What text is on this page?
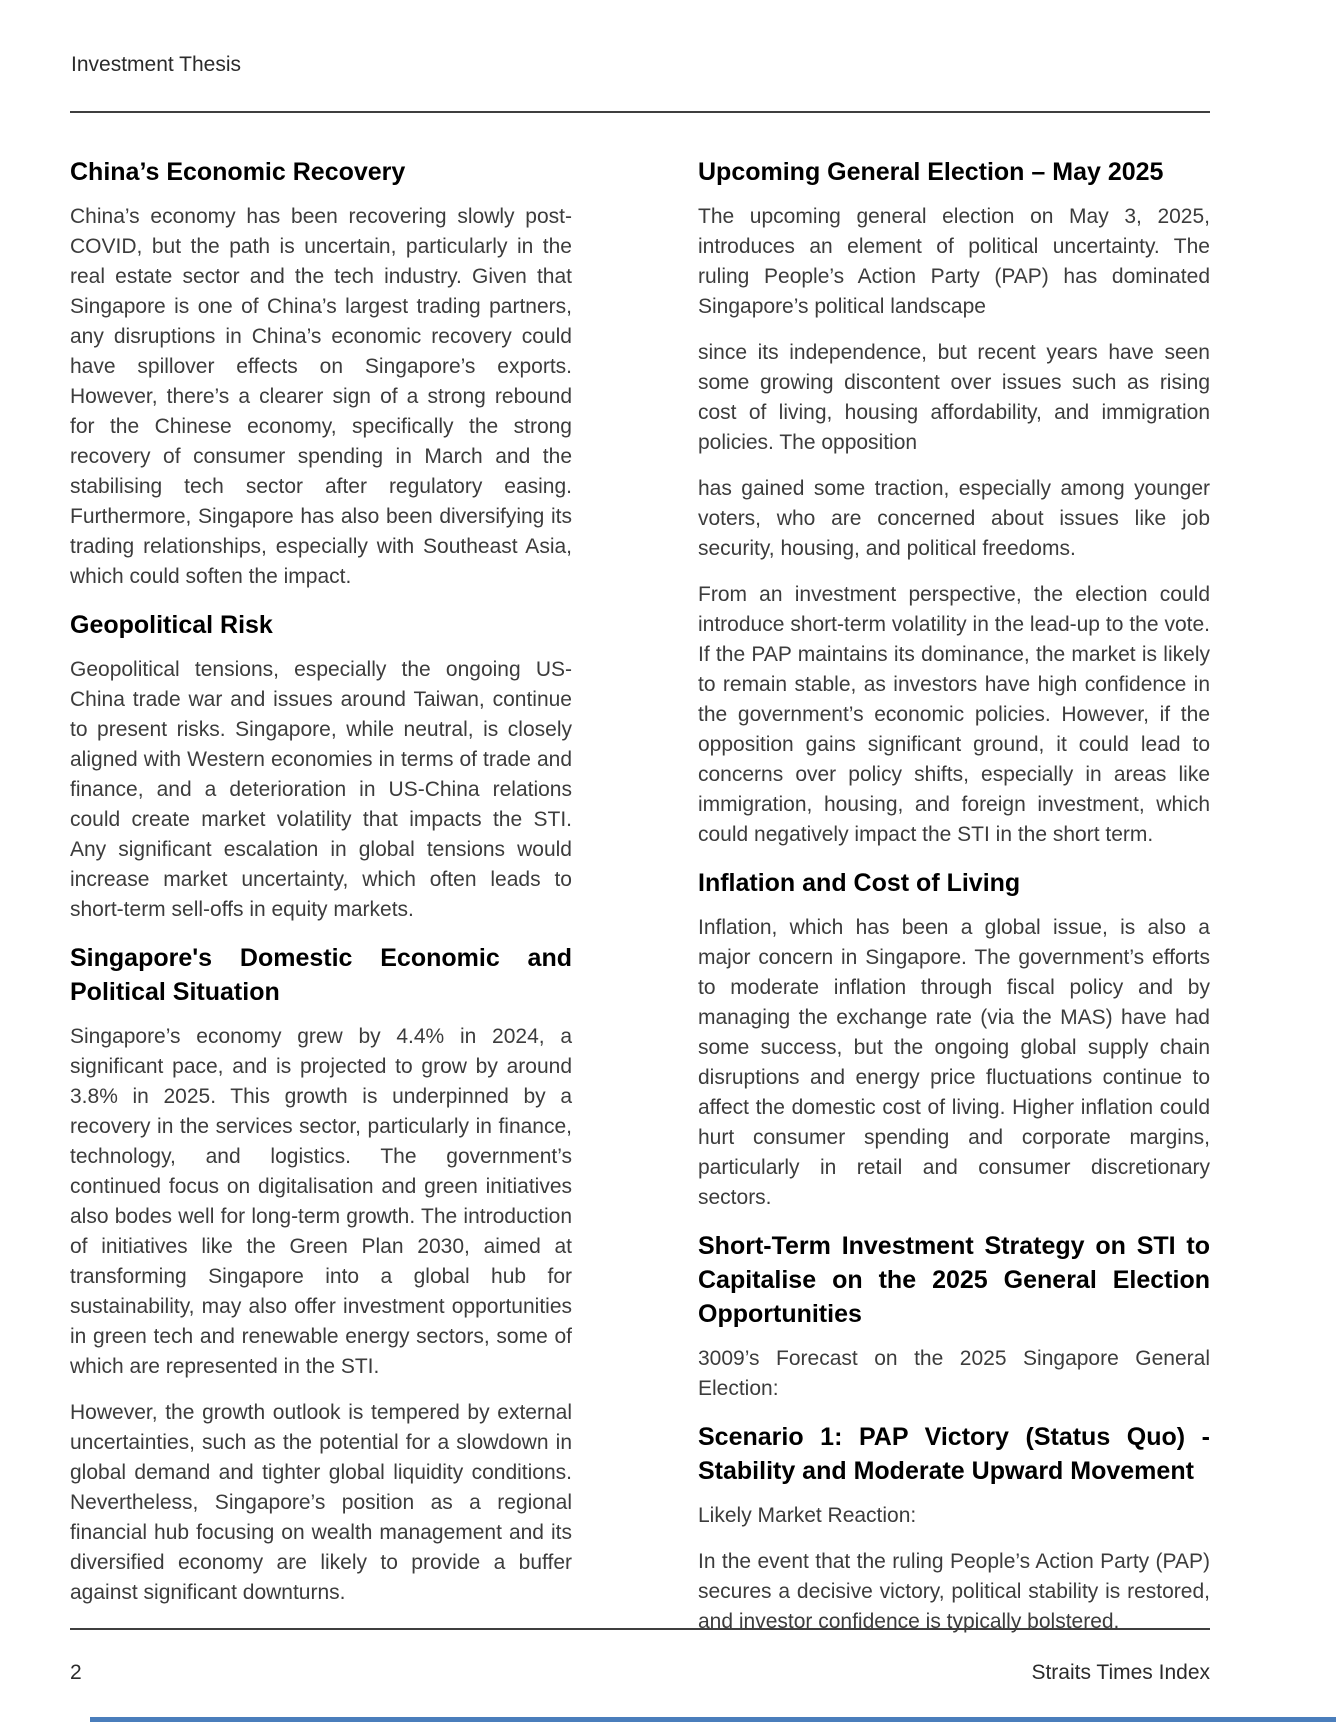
Investment Thesis
China’s Economic Recovery

China’s economy has been recovering slowly post-COVID, but the path is uncertain, particularly in the real estate sector and the tech industry. Given that Singapore is one of China’s largest trading partners, any disruptions in China’s economic recovery could have spillover effects on Singapore’s exports. However, there’s a clearer sign of a strong rebound for the Chinese economy, specifically the strong recovery of consumer spending in March and the stabilising tech sector after regulatory easing. Furthermore, Singapore has also been diversifying its trading relationships, especially with Southeast Asia, which could soften the impact.

Geopolitical Risk

Geopolitical tensions, especially the ongoing US-China trade war and issues around Taiwan, continue to present risks. Singapore, while neutral, is closely aligned with Western economies in terms of trade and finance, and a deterioration in US-China relations could create market volatility that impacts the STI. Any significant escalation in global tensions would increase market uncertainty, which often leads to short-term sell-offs in equity markets.

Singapore's Domestic Economic and Political Situation

Singapore’s economy grew by 4.4% in 2024, a significant pace, and is projected to grow by around 3.8% in 2025. This growth is underpinned by a recovery in the services sector, particularly in finance, technology, and logistics. The government’s continued focus on digitalisation and green initiatives also bodes well for long-term growth. The introduction of initiatives like the Green Plan 2030, aimed at transforming Singapore into a global hub for sustainability, may also offer investment opportunities in green tech and renewable energy sectors, some of which are represented in the STI.

However, the growth outlook is tempered by external uncertainties, such as the potential for a slowdown in global demand and tighter global liquidity conditions. Nevertheless, Singapore’s position as a regional financial hub focusing on wealth management and its diversified economy are likely to provide a buffer against significant downturns.

Upcoming General Election – May 2025

The upcoming general election on May 3, 2025, introduces an element of political uncertainty. The ruling People’s Action Party (PAP) has dominated Singapore’s political landscape

since its independence, but recent years have seen some growing discontent over issues such as rising cost of living, housing affordability, and immigration policies. The opposition

has gained some traction, especially among younger voters, who are concerned about issues like job security, housing, and political freedoms.

From an investment perspective, the election could introduce short-term volatility in the lead-up to the vote. If the PAP maintains its dominance, the market is likely to remain stable, as investors have high confidence in the government’s economic policies. However, if the opposition gains significant ground, it could lead to concerns over policy shifts, especially in areas like immigration, housing, and foreign investment, which could negatively impact the STI in the short term.

Inflation and Cost of Living

Inflation, which has been a global issue, is also a major concern in Singapore. The government’s efforts to moderate inflation through fiscal policy and by managing the exchange rate (via the MAS) have had some success, but the ongoing global supply chain disruptions and energy price fluctuations continue to affect the domestic cost of living. Higher inflation could hurt consumer spending and corporate margins, particularly in retail and consumer discretionary sectors.

Short-Term Investment Strategy on STI to Capitalise on the 2025 General Election Opportunities

3009’s Forecast on the 2025 Singapore General Election:

Scenario 1: PAP Victory (Status Quo) - Stability and Moderate Upward Movement

Likely Market Reaction:

In the event that the ruling People’s Action Party (PAP) secures a decisive victory, political stability is restored, and investor confidence is typically bolstered.

2	Straits Times Index
